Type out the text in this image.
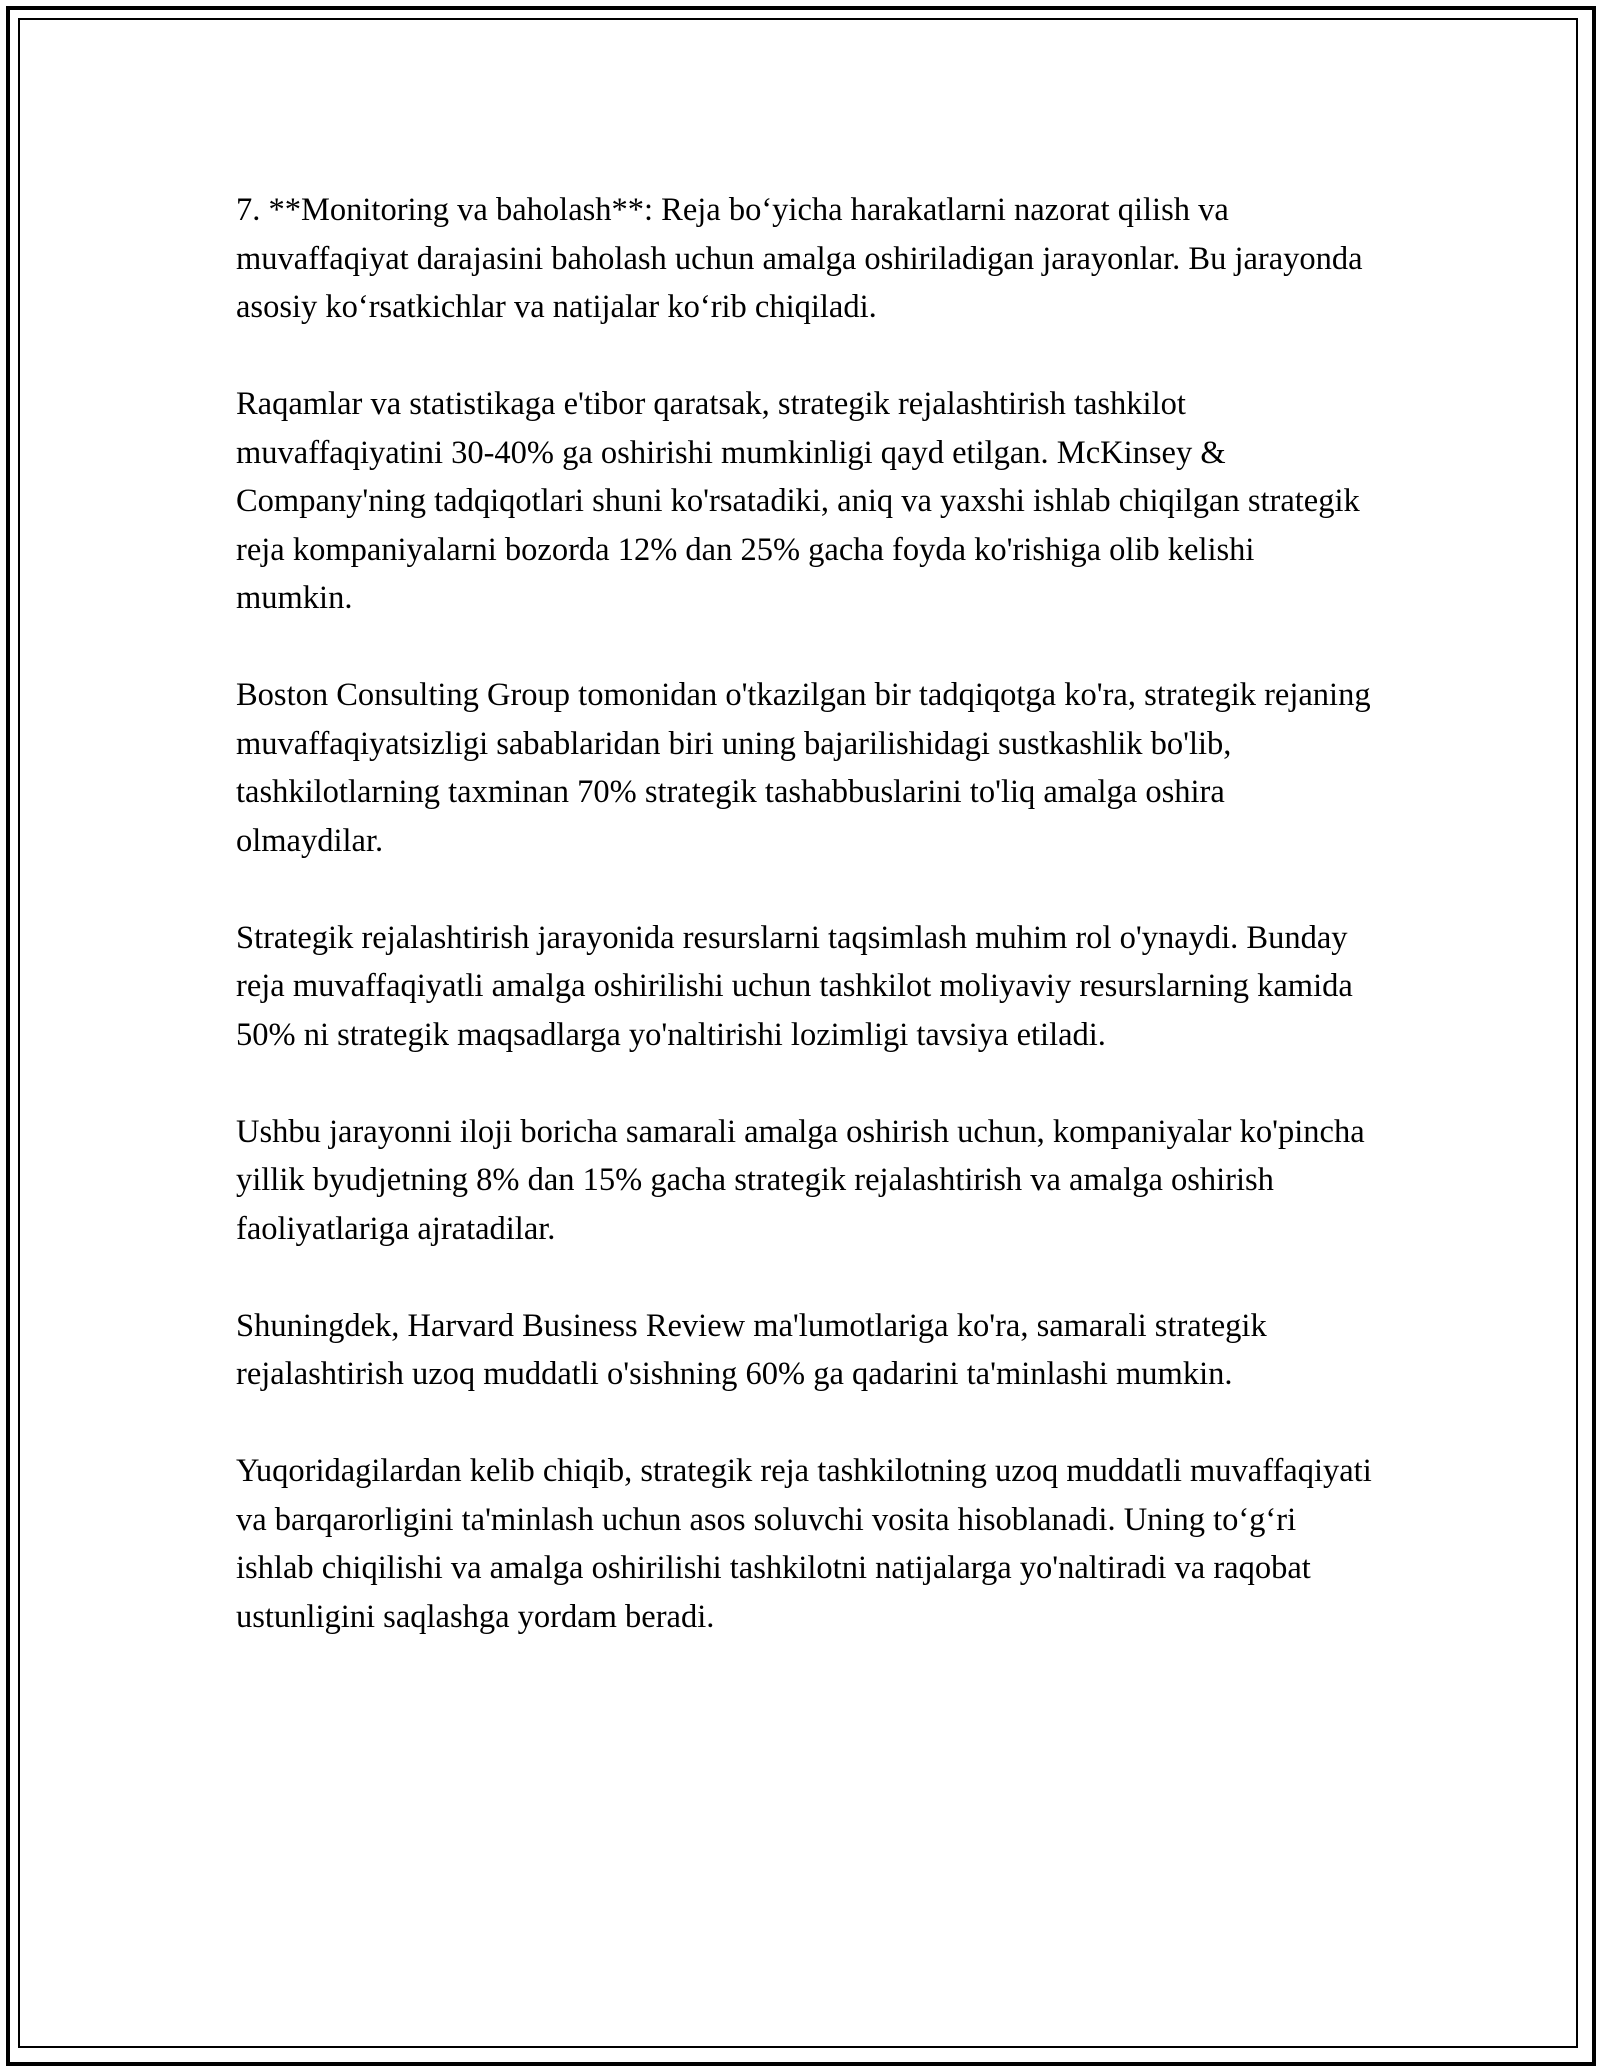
7. **Monitoring va baholash**: Reja bo‘yicha harakatlarni nazorat qilish va muvaffaqiyat darajasini baholash uchun amalga oshiriladigan jarayonlar. Bu jarayonda asosiy ko‘rsatkichlar va natijalar ko‘rib chiqiladi.

Raqamlar va statistikaga e'tibor qaratsak, strategik rejalashtirish tashkilot muvaffaqiyatini 30-40% ga oshirishi mumkinligi qayd etilgan. McKinsey & Company'ning tadqiqotlari shuni ko'rsatadiki, aniq va yaxshi ishlab chiqilgan strategik reja kompaniyalarni bozorda 12% dan 25% gacha foyda ko'rishiga olib kelishi mumkin.

Boston Consulting Group tomonidan o'tkazilgan bir tadqiqotga ko'ra, strategik rejaning muvaffaqiyatsizligi sabablaridan biri uning bajarilishidagi sustkashlik bo'lib, tashkilotlarning taxminan 70% strategik tashabbuslarini to'liq amalga oshira olmaydilar.

Strategik rejalashtirish jarayonida resurslarni taqsimlash muhim rol o'ynaydi. Bunday reja muvaffaqiyatli amalga oshirilishi uchun tashkilot moliyaviy resurslarning kamida 50% ni strategik maqsadlarga yo'naltirishi lozimligi tavsiya etiladi.

Ushbu jarayonni iloji boricha samarali amalga oshirish uchun, kompaniyalar ko'pincha yillik byudjetning 8% dan 15% gacha strategik rejalashtirish va amalga oshirish faoliyatlariga ajratadilar.

Shuningdek, Harvard Business Review ma'lumotlariga ko'ra, samarali strategik rejalashtirish uzoq muddatli o'sishning 60% ga qadarini ta'minlashi mumkin.

Yuqoridagilardan kelib chiqib, strategik reja tashkilotning uzoq muddatli muvaffaqiyati va barqarorligini ta'minlash uchun asos soluvchi vosita hisoblanadi. Uning to‘g‘ri ishlab chiqilishi va amalga oshirilishi tashkilotni natijalarga yo'naltiradi va raqobat ustunligini saqlashga yordam beradi.
